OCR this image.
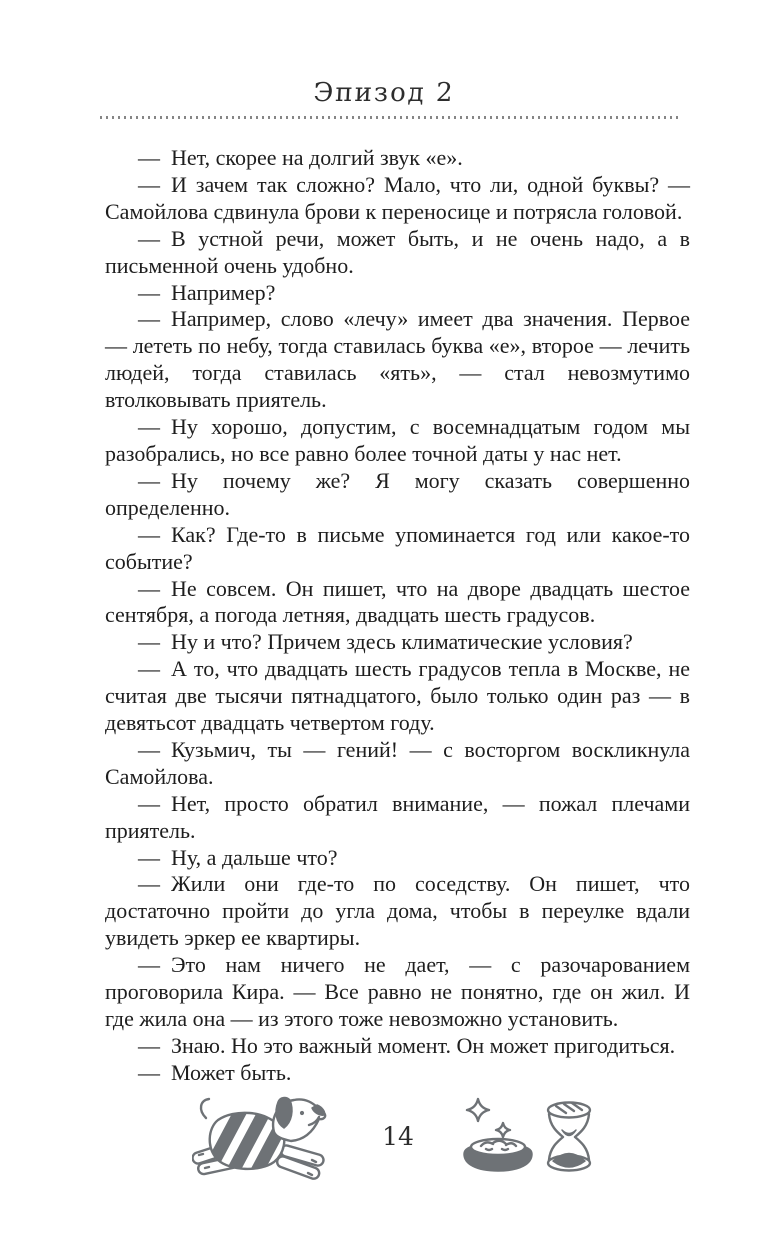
Эпизод 2

— Нет, скорее на долгий звук «е».

— И зачем так сложно? Мало, что ли, одной буквы? — Самойлова сдвинула брови к переносице и потрясла головой.

— В устной речи, может быть, и не очень надо, а в письменной очень удобно.

— Например?

— Например, слово «лечу» имеет два значения. Первое — лететь по небу, тогда ставилась буква «е», второе — лечить людей, тогда ставилась «ять», — стал невозмутимо втолковывать приятель.

— Ну хорошо, допустим, с восемнадцатым годом мы разобрались, но все равно более точной даты у нас нет.

— Ну почему же? Я могу сказать совершенно определенно.

— Как? Где-то в письме упоминается год или какое-то событие?

— Не совсем. Он пишет, что на дворе двадцать шестое сентября, а погода летняя, двадцать шесть градусов.

— Ну и что? Причем здесь климатические условия?

— А то, что двадцать шесть градусов тепла в Москве, не считая две тысячи пятнадцатого, было только один раз — в девятьсот двадцать четвертом году.

— Кузьмич, ты — гений! — с восторгом воскликнула Самойлова.

— Нет, просто обратил внимание, — пожал плечами приятель.

— Ну, а дальше что?

— Жили они где-то по соседству. Он пишет, что достаточно пройти до угла дома, чтобы в переулке вдали увидеть эркер ее квартиры.

— Это нам ничего не дает, — с разочарованием проговорила Кира. — Все равно не понятно, где он жил. И где жила она — из этого тоже невозможно установить.

— Знаю. Но это важный момент. Он может пригодиться.

— Может быть.

14
